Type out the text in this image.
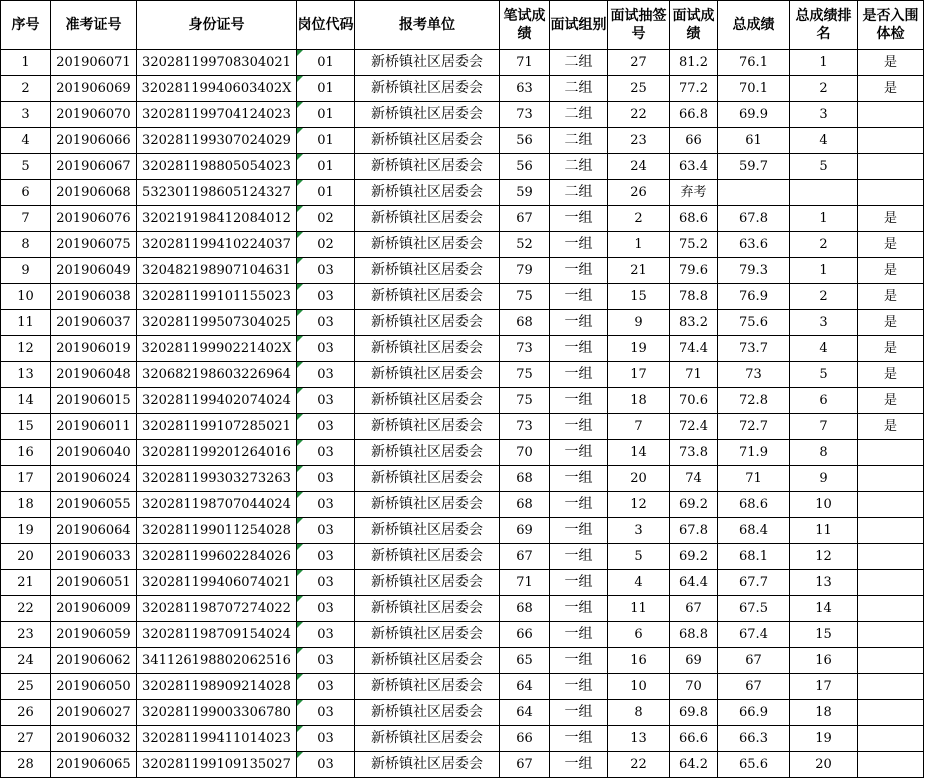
序号	准考证号	身份证号	岗位代码	报考单位	笔试成绩	面试组别	面试抽签号	面试成绩	总成绩	总成绩排名	是否入围体检
1	201906071	320281199708304021	01	新桥镇社区居委会	71	二组	27	81.2	76.1	1	是
2	201906069	32028119940603402X	01	新桥镇社区居委会	63	二组	25	77.2	70.1	2	是
3	201906070	320281199704124023	01	新桥镇社区居委会	73	二组	22	66.8	69.9	3	
4	201906066	320281199307024029	01	新桥镇社区居委会	56	二组	23	66	61	4	
5	201906067	320281198805054023	01	新桥镇社区居委会	56	二组	24	63.4	59.7	5	
6	201906068	532301198605124327	01	新桥镇社区居委会	59	二组	26	弃考			
7	201906076	320219198412084012	02	新桥镇社区居委会	67	一组	2	68.6	67.8	1	是
8	201906075	320281199410224037	02	新桥镇社区居委会	52	一组	1	75.2	63.6	2	是
9	201906049	320482198907104631	03	新桥镇社区居委会	79	一组	21	79.6	79.3	1	是
10	201906038	320281199101155023	03	新桥镇社区居委会	75	一组	15	78.8	76.9	2	是
11	201906037	320281199507304025	03	新桥镇社区居委会	68	一组	9	83.2	75.6	3	是
12	201906019	32028119990221402X	03	新桥镇社区居委会	73	一组	19	74.4	73.7	4	是
13	201906048	320682198603226964	03	新桥镇社区居委会	75	一组	17	71	73	5	是
14	201906015	320281199402074024	03	新桥镇社区居委会	75	一组	18	70.6	72.8	6	是
15	201906011	320281199107285021	03	新桥镇社区居委会	73	一组	7	72.4	72.7	7	是
16	201906040	320281199201264016	03	新桥镇社区居委会	70	一组	14	73.8	71.9	8	
17	201906024	320281199303273263	03	新桥镇社区居委会	68	一组	20	74	71	9	
18	201906055	320281198707044024	03	新桥镇社区居委会	68	一组	12	69.2	68.6	10	
19	201906064	320281199011254028	03	新桥镇社区居委会	69	一组	3	67.8	68.4	11	
20	201906033	320281199602284026	03	新桥镇社区居委会	67	一组	5	69.2	68.1	12	
21	201906051	320281199406074021	03	新桥镇社区居委会	71	一组	4	64.4	67.7	13	
22	201906009	320281198707274022	03	新桥镇社区居委会	68	一组	11	67	67.5	14	
23	201906059	320281198709154024	03	新桥镇社区居委会	66	一组	6	68.8	67.4	15	
24	201906062	341126198802062516	03	新桥镇社区居委会	65	一组	16	69	67	16	
25	201906050	320281198909214028	03	新桥镇社区居委会	64	一组	10	70	67	17	
26	201906027	320281199003306780	03	新桥镇社区居委会	64	一组	8	69.8	66.9	18	
27	201906032	320281199411014023	03	新桥镇社区居委会	66	一组	13	66.6	66.3	19	
28	201906065	320281199109135027	03	新桥镇社区居委会	67	一组	22	64.2	65.6	20	
